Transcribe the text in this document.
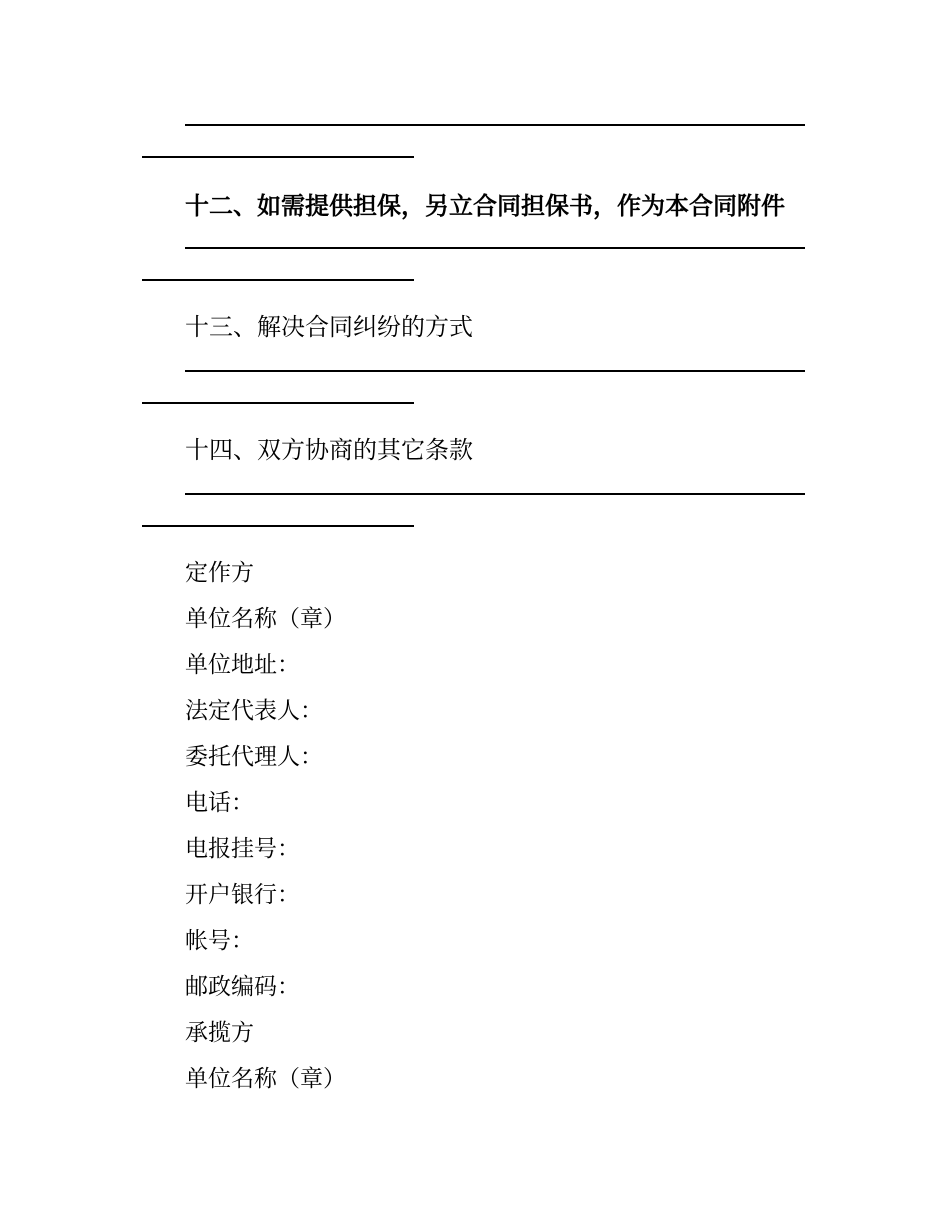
十二、如需提供担保，另立合同担保书，作为本合同附件
十三、解决合同纠纷的方式
十四、双方协商的其它条款
定作方
单位名称（章）
单位地址：
法定代表人：
委托代理人：
电话：
电报挂号：
开户银行：
帐号：
邮政编码：
承揽方
单位名称（章）
